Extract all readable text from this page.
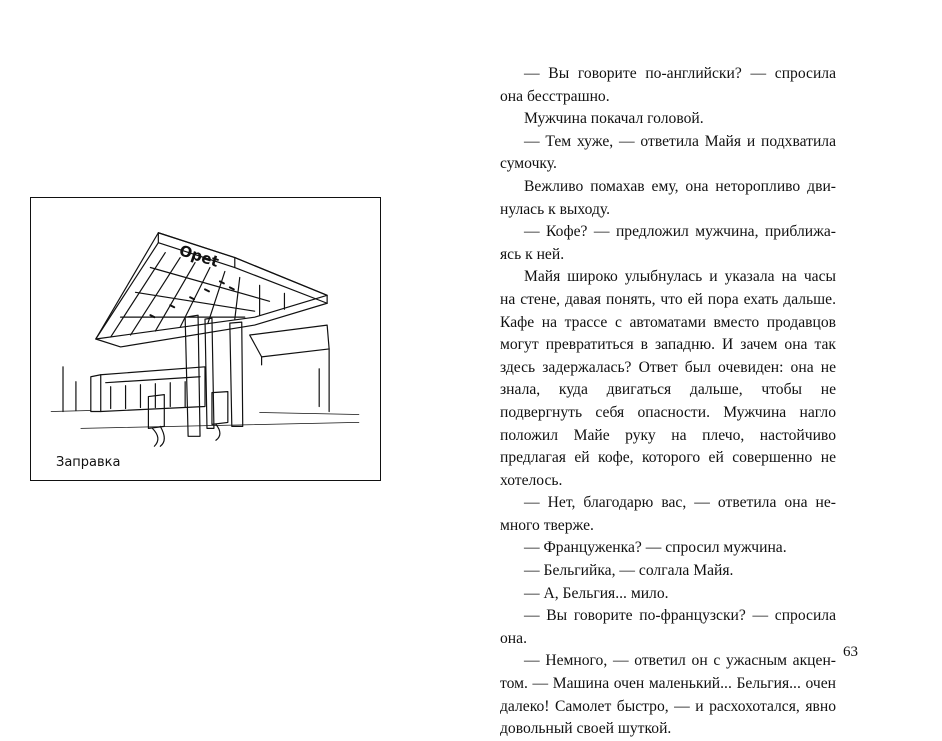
Opet
Заправка

— Вы говорите по-английски? — спросила она бесстрашно.

Мужчина покачал головой.

— Тем хуже, — ответила Майя и подхватила сумочку.

Вежливо помахав ему, она неторопливо двинулась к выходу.

— Кофе? — предложил мужчина, приближаясь к ней.

Майя широко улыбнулась и указала на часы на стене, давая понять, что ей пора ехать дальше. Кафе на трассе с автоматами вместо продавцов могут превратиться в западню. И зачем она так здесь задержалась? Ответ был очевиден: она не знала, куда двигаться дальше, чтобы не подвергнуть себя опасности. Мужчина нагло положил Майе руку на плечо, настойчиво предлагая ей кофе, которого ей совершенно не хотелось.

— Нет, благодарю вас, — ответила она немного тверже.

— Француженка? — спросил мужчина.

— Бельгийка, — солгала Майя.

— А, Бельгия... мило.

— Вы говорите по-французски? — спросила она.

— Немного, — ответил он с ужасным акцентом. — Машина очен маленький... Бельгия... очен далеко! Самолет быстро, — и расхохотался, явно довольный своей шуткой.

63
